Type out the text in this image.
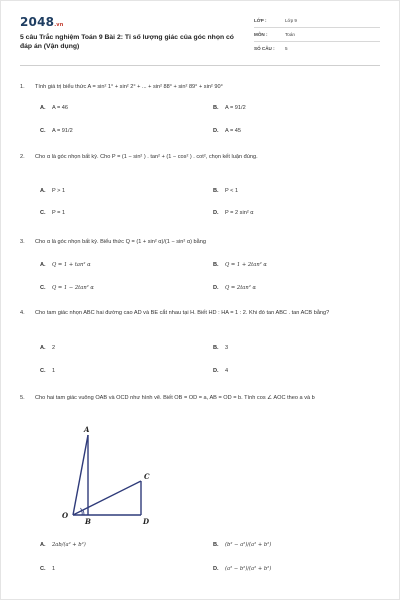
2048.vn
5 câu Trắc nghiệm Toán 9 Bài 2: Tỉ số lượng giác của góc nhọn có đáp án (Vận dụng)
LỚP :	Lớp 9
MÔN :	Toán
SỐ CÂU : 5
1. Tính giá trị biểu thức A = sin² 1° + sin² 2° + ... + sin² 88° + sin² 89° + sin² 90°
A. A = 46	B. A = 91/2
C. A = 91/2	D. A = 45
2. Cho α là góc nhọn bất kỳ. Cho P = (1 − sin² ) . tan² + (1 − cos² ) . cot², chọn kết luận đúng.
A. P > 1	B. P < 1
C. P = 1	D. P = 2 sin² α
3. Cho α là góc nhọn bất kỳ. Biểu thức Q = (1 + sin² α)/(1 − sin² α) bằng
A. Q = 1 + tan² α	B. Q = 1 + 2tan² α
C. Q = 1 − 2tan² α	D. Q = 2tan² α
4. Cho tam giác nhọn ABC hai đường cao AD và BE cắt nhau tại H. Biết HD : HA = 1 : 2. Khi đó tan ABC . tan ACB bằng?
A. 2	B. 3
C. 1	D. 4
5. Cho hai tam giác vuông OAB và OCD như hình vẽ. Biết OB = OD = a, AB = OD = b. Tính cos ∠ AOC theo a và b
A
B
C
D
O
A. 2ab/(a² + b²)	B. (b² − a²)/(a² + b²)
C. 1	D. (a² − b²)/(a² + b²)
